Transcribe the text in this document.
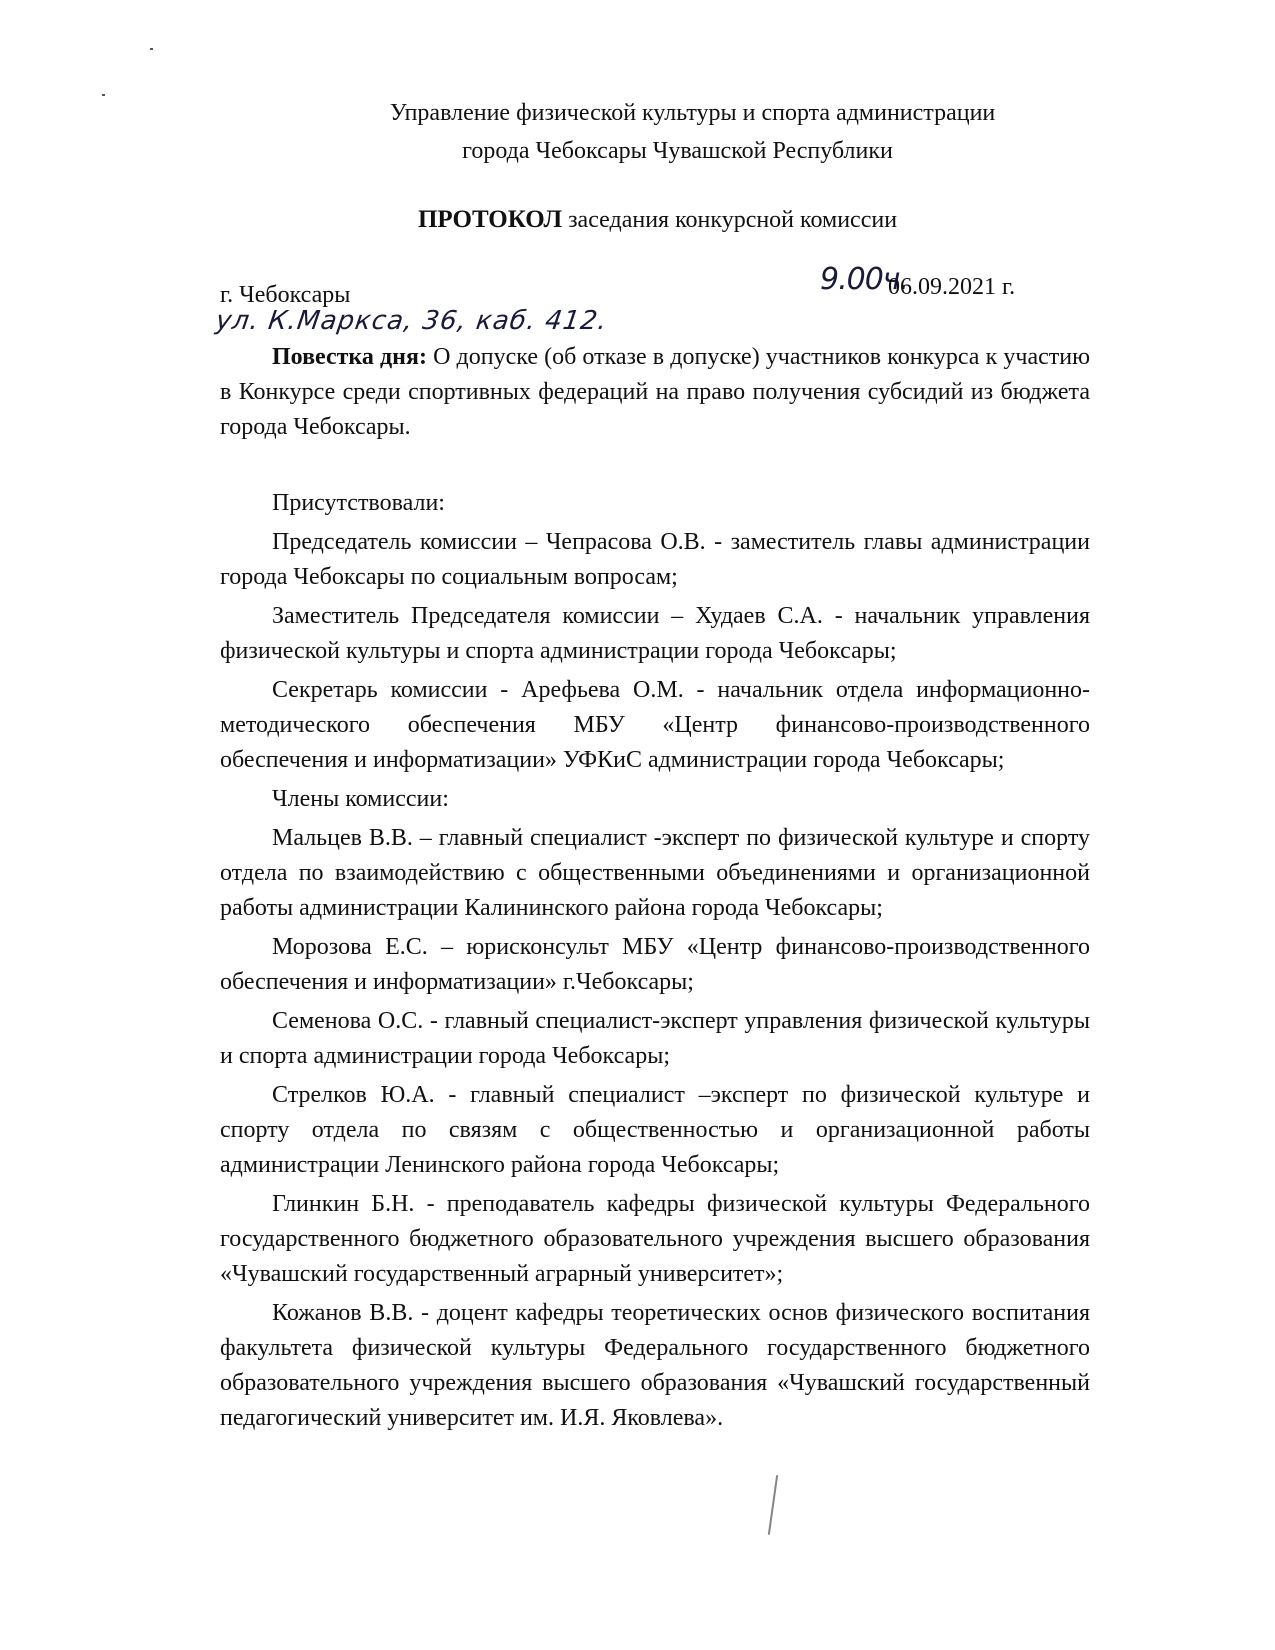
Управление физической культуры и спорта администрации
города Чебоксары Чувашской Республики
ПРОТОКОЛ заседания конкурсной комиссии
г. Чебоксары	9.00ч.
06.09.2021 г.
ул. К.Маркса, 36, каб. 412.

Повестка дня: О допуске (об отказе в допуске) участников конкурса к участию в Конкурсе среди спортивных федераций на право получения субсидий из бюджета города Чебоксары.

Присутствовали:

Председатель комиссии – Чепрасова О.В. - заместитель главы администрации города Чебоксары по социальным вопросам;

Заместитель Председателя комиссии – Худаев С.А. - начальник управления физической культуры и спорта администрации города Чебоксары;

Секретарь комиссии - Арефьева О.М. - начальник отдела информационно-методического обеспечения МБУ «Центр финансово-производственного обеспечения и информатизации» УФКиС администрации города Чебоксары;

Члены комиссии:

Мальцев В.В. – главный специалист -эксперт по физической культуре и спорту отдела по взаимодействию с общественными объединениями и организационной работы администрации Калининского района города Чебоксары;

Морозова Е.С. – юрисконсульт МБУ «Центр финансово-производственного обеспечения и информатизации» г.Чебоксары;

Семенова О.С. - главный специалист-эксперт управления физической культуры и спорта администрации города Чебоксары;

Стрелков Ю.А. - главный специалист –эксперт по физической культуре и спорту отдела по связям с общественностью и организационной работы администрации Ленинского района города Чебоксары;

Глинкин Б.Н. - преподаватель кафедры физической культуры Федерального государственного бюджетного образовательного учреждения высшего образования «Чувашский государственный аграрный университет»;

Кожанов В.В. - доцент кафедры теоретических основ физического воспитания факультета физической культуры Федерального государственного бюджетного образовательного учреждения высшего образования «Чувашский государственный педагогический университет им. И.Я. Яковлева».
